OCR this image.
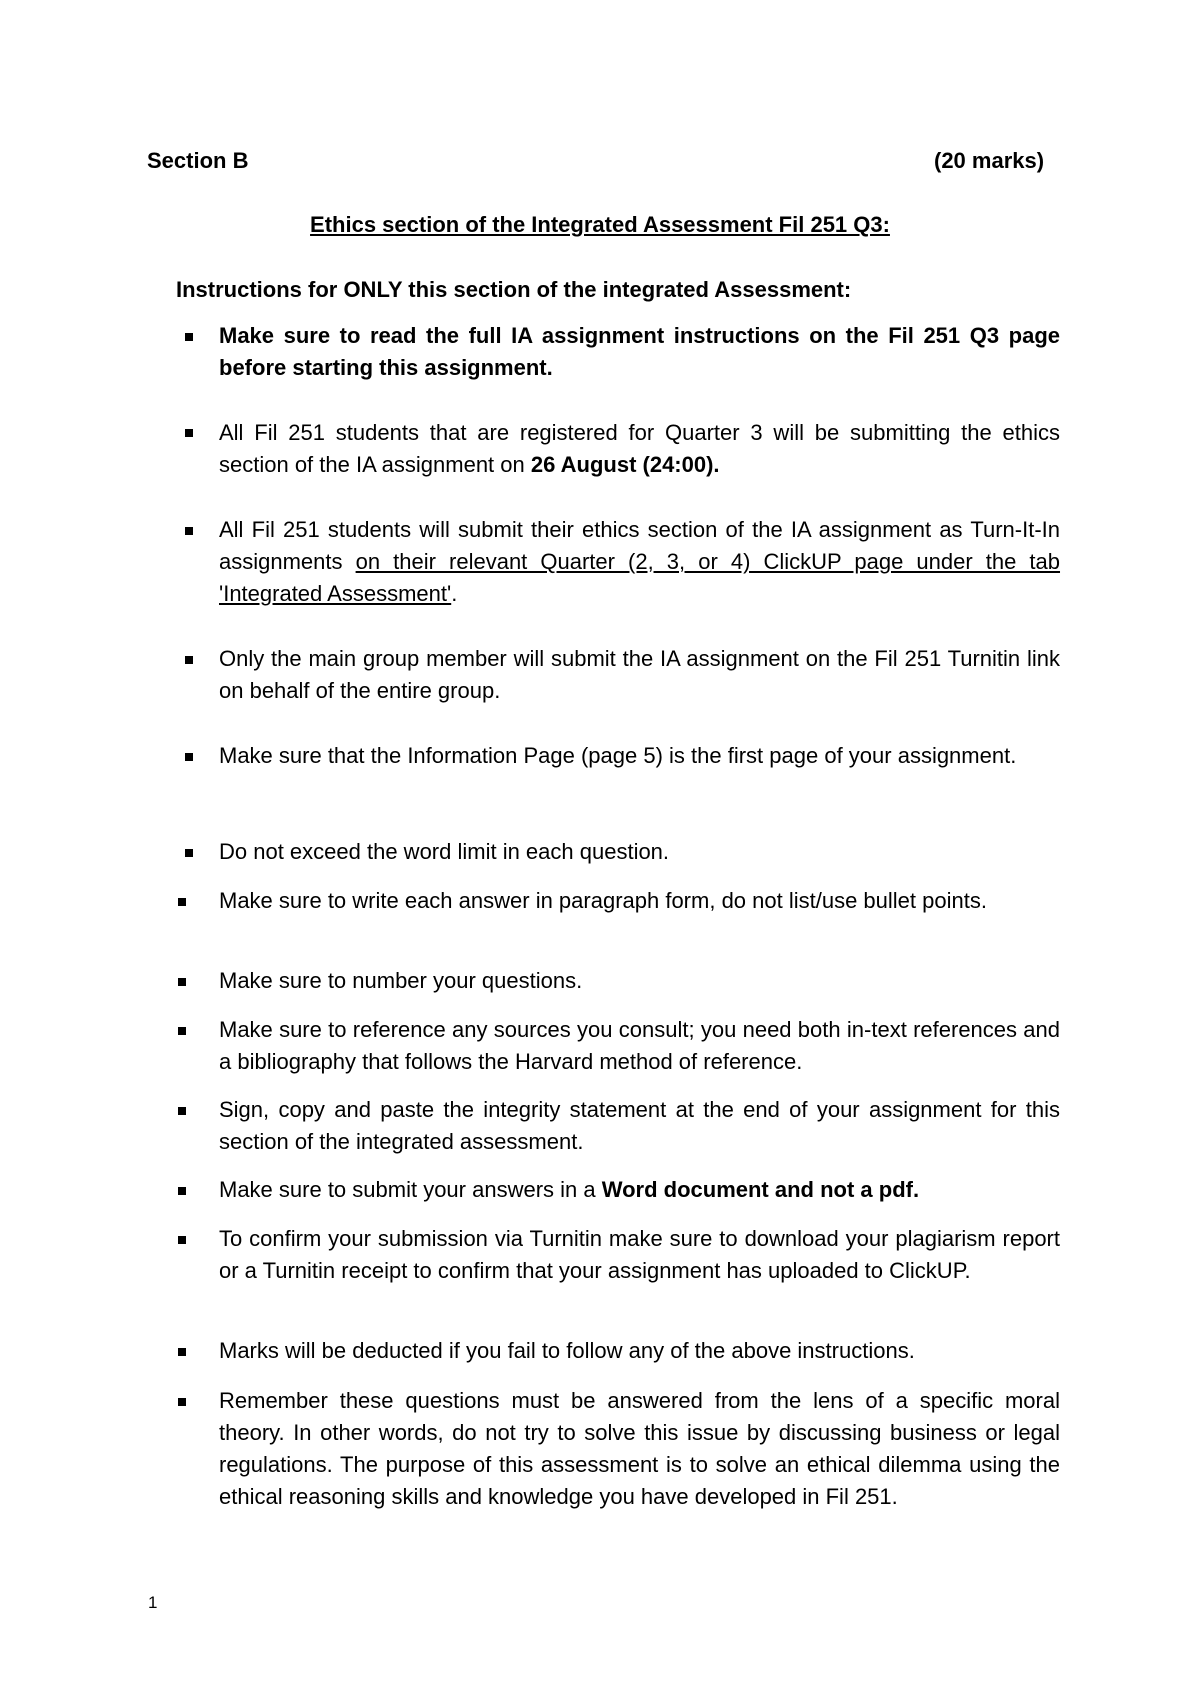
Section B	(20 marks)
Ethics section of the Integrated Assessment Fil 251 Q3:
Instructions for ONLY this section of the integrated Assessment:
Make sure to read the full IA assignment instructions on the Fil 251 Q3 page before starting this assignment.
All Fil 251 students that are registered for Quarter 3 will be submitting the ethics section of the IA assignment on 26 August (24:00).
All Fil 251 students will submit their ethics section of the IA assignment as Turn-It-In assignments on their relevant Quarter (2, 3, or 4) ClickUP page under the tab 'Integrated Assessment'.
Only the main group member will submit the IA assignment on the Fil 251 Turnitin link on behalf of the entire group.
Make sure that the Information Page (page 5) is the first page of your assignment.
Do not exceed the word limit in each question.
Make sure to write each answer in paragraph form, do not list/use bullet points.
Make sure to number your questions.
Make sure to reference any sources you consult; you need both in-text references and a bibliography that follows the Harvard method of reference.
Sign, copy and paste the integrity statement at the end of your assignment for this section of the integrated assessment.
Make sure to submit your answers in a Word document and not a pdf.
To confirm your submission via Turnitin make sure to download your plagiarism report or a Turnitin receipt to confirm that your assignment has uploaded to ClickUP.
Marks will be deducted if you fail to follow any of the above instructions.
Remember these questions must be answered from the lens of a specific moral theory. In other words, do not try to solve this issue by discussing business or legal regulations. The purpose of this assessment is to solve an ethical dilemma using the ethical reasoning skills and knowledge you have developed in Fil 251.
1
